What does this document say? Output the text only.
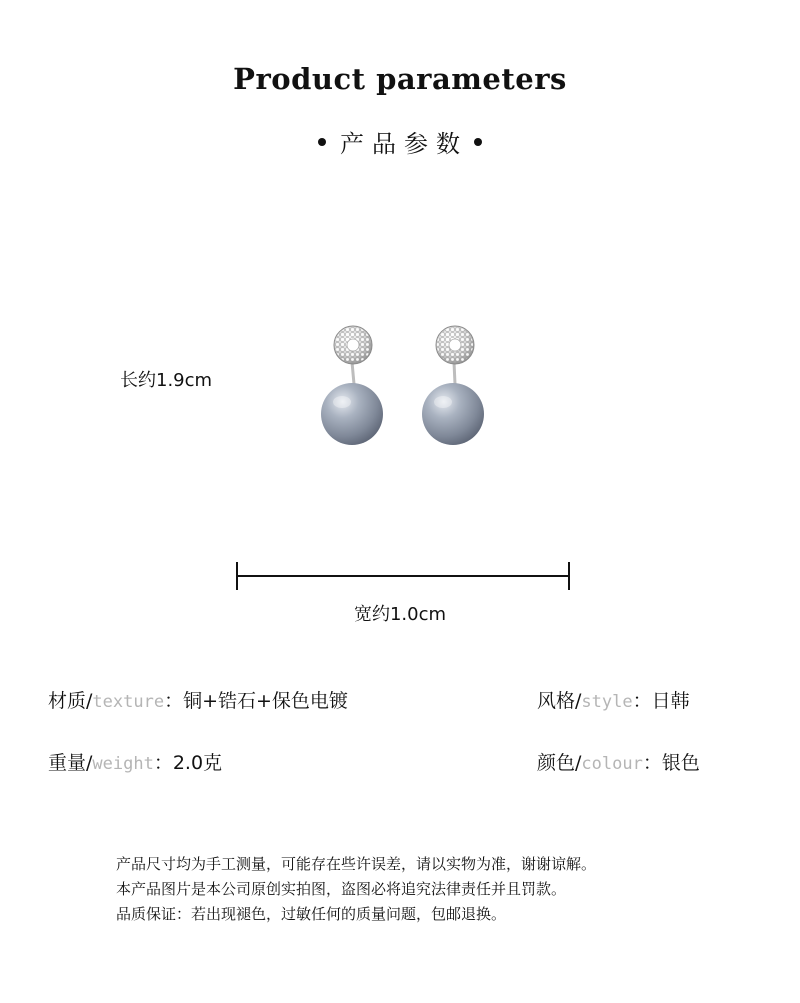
Product parameters
产品参数
长约1.9cm
宽约1.0cm
材质/texture：铜+锆石+保色电镀	风格/style：日韩
重量/weight：2.0克	颜色/colour：银色
产品尺寸均为手工测量，可能存在些许误差，请以实物为准，谢谢谅解。
本产品图片是本公司原创实拍图，盗图必将追究法律责任并且罚款。
品质保证：若出现褪色，过敏任何的质量问题，包邮退换。
